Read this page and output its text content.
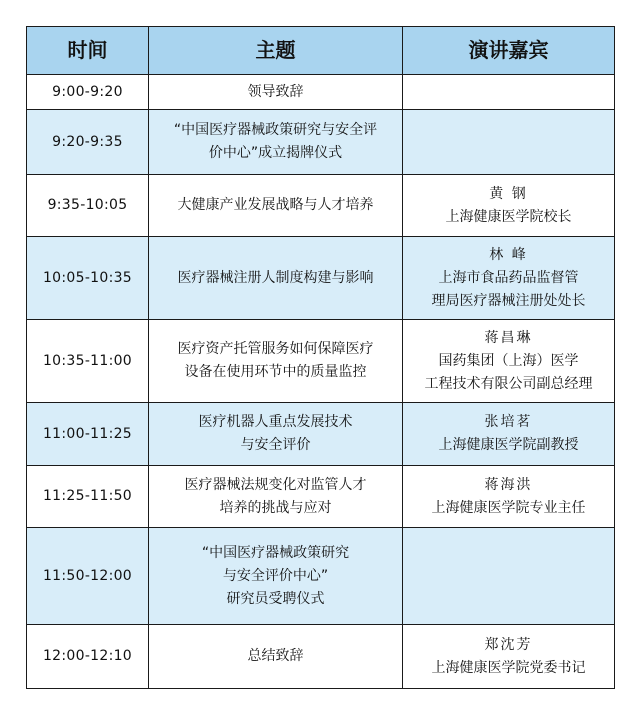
时间	主题	演讲嘉宾
9:00-9:20	领导致辞	

9:20-9:35	“中国医疗器械政策研究与安全评
价中心”成立揭牌仪式	

9:35-10:05	大健康产业发展战略与人才培养	黄 钢
上海健康医学院校长

10:05-10:35	医疗器械注册人制度构建与影响	林 峰
上海市食品药品监督管
理局医疗器械注册处处长

10:35-11:00	医疗资产托管服务如何保障医疗
设备在使用环节中的质量监控	蒋昌琳
国药集团（上海）医学
工程技术有限公司副总经理

11:00-11:25	医疗机器人重点发展技术
与安全评价	张培茗
上海健康医学院副教授

11:25-11:50	医疗器械法规变化对监管人才
培养的挑战与应对	蒋海洪
上海健康医学院专业主任

11:50-12:00	“中国医疗器械政策研究
与安全评价中心”
研究员受聘仪式	

12:00-12:10	总结致辞	郑沈芳
上海健康医学院党委书记
